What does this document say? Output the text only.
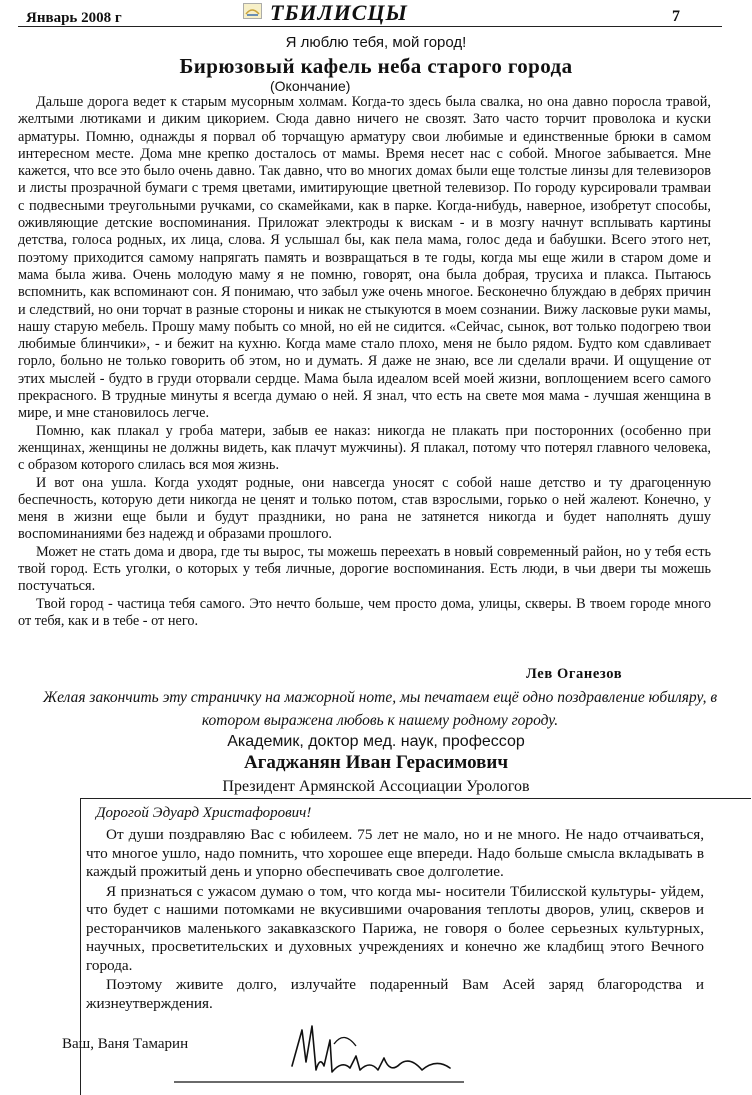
Январь 2008 г	ТБИЛИСЦЫ	7
Я люблю тебя, мой город!
Бирюзовый кафель неба старого города
(Окончание)

Дальше дорога ведет к старым мусорным холмам. Когда-то здесь была свалка, но она давно поросла травой, желтыми лютиками и диким цикорием. Сюда давно ничего не свозят. Зато часто торчит проволока и куски арматуры. Помню, однажды я порвал об торчащую арматуру свои любимые и единственные брюки в самом интересном месте. Дома мне крепко досталось от мамы. Время несет нас с собой. Многое забывается. Мне кажется, что все это было очень давно. Так давно, что во многих домах были еще толстые линзы для телевизоров и листы прозрачной бумаги с тремя цветами, имитирующие цветной телевизор. По городу курсировали трамваи с подвесными треугольными ручками, со скамейками, как в парке. Когда-нибудь, наверное, изобретут способы, оживляющие детские воспоминания. Приложат электроды к вискам - и в мозгу начнут всплывать картины детства, голоса родных, их лица, слова. Я услышал бы, как пела мама, голос деда и бабушки. Всего этого нет, поэтому приходится самому напрягать память и возвращаться в те годы, когда мы еще жили в старом доме и мама была жива. Очень молодую маму я не помню, говорят, она была добрая, трусиха и плакса. Пытаюсь вспомнить, как вспоминают сон. Я понимаю, что забыл уже очень многое. Бесконечно блуждаю в дебрях причин и следствий, но они торчат в разные стороны и никак не стыкуются в моем сознании. Вижу ласковые руки мамы, нашу старую мебель. Прошу маму побыть со мной, но ей не сидится. «Сейчас, сынок, вот только подогрею твои любимые блинчики», - и бежит на кухню. Когда маме стало плохо, меня не было рядом. Будто ком сдавливает горло, больно не только говорить об этом, но и думать. Я даже не знаю, все ли сделали врачи. И ощущение от этих мыслей - будто в груди оторвали сердце. Мама была идеалом всей моей жизни, воплощением всего самого прекрасного. В трудные минуты я всегда думаю о ней. Я знал, что есть на свете моя мама - лучшая женщина в мире, и мне становилось легче.

Помню, как плакал у гроба матери, забыв ее наказ: никогда не плакать при посторонних (особенно при женщинах, женщины не должны видеть, как плачут мужчины). Я плакал, потому что потерял главного человека, с образом которого слилась вся моя жизнь.

И вот она ушла. Когда уходят родные, они навсегда уносят с собой наше детство и ту драгоценную беспечность, которую дети никогда не ценят и только потом, став взрослыми, горько о ней жалеют. Конечно, у меня в жизни еще были и будут праздники, но рана не затянется никогда и будет наполнять душу воспоминаниями без надежд и образами прошлого.

Может не стать дома и двора, где ты вырос, ты можешь переехать в новый современный район, но у тебя есть твой город. Есть уголки, о которых у тебя личные, дорогие воспоминания. Есть люди, в чьи двери ты можешь постучаться.

Твой город - частица тебя самого. Это нечто больше, чем просто дома, улицы, скверы. В твоем городе много от тебя, как и в тебе - от него.

Лев Оганезов
Желая закончить эту страничку на мажорной ноте, мы печатаем ещё одно поздравление юбиляру, в котором выражена любовь к нашему родному городу.
Академик, доктор мед. наук, профессор
Агаджанян Иван Герасимович
Президент Армянской Ассоциации Урологов
Дорогой Эдуард Христафорович!

От души поздравляю Вас с юбилеем. 75 лет не мало, но и не много. Не надо отчаиваться, что многое ушло, надо помнить, что хорошее еще впереди. Надо больше смысла вкладывать в каждый прожитый день и упорно обеспечивать свое долголетие.

Я признаться с ужасом думаю о том, что когда мы- носители Тбилисской культуры- уйдем, что будет с нашими потомками не вкусившими очарования теплоты дворов, улиц, скверов и ресторанчиков маленького закавказского Парижа, не говоря о более серьезных культурных, научных, просветительских и духовных учреждениях и конечно же кладбищ этого Вечного города.

Поэтому живите долго, излучайте подаренный Вам Асей заряд благородства и жизнеутверждения.

Ваш, Ваня Тамарин
